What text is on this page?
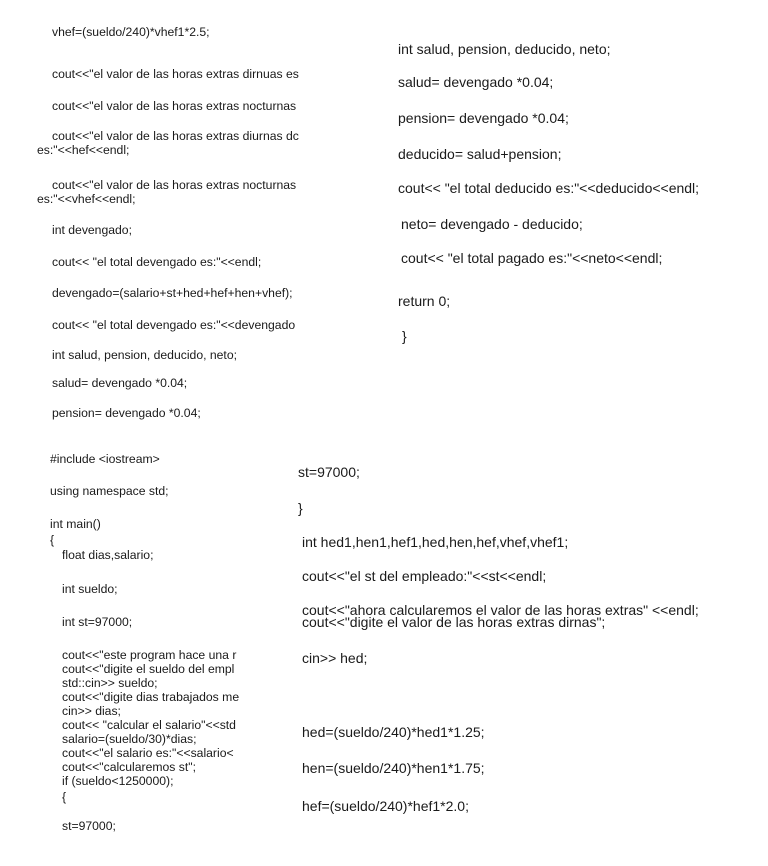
vhef=(sueldo/240)*vhef1*2.5;
cout<<"el valor de las horas extras dirnuas es
cout<<"el valor de las horas extras nocturnas
cout<<"el valor de las horas extras diurnas dc
es:"<<hef<<endl;
cout<<"el valor de las horas extras nocturnas
es:"<<vhef<<endl;
int devengado;
cout<< "el total devengado es:"<<endl;
devengado=(salario+st+hed+hef+hen+vhef);
cout<< "el total devengado es:"<<devengado
int salud, pension, deducido, neto;
salud= devengado *0.04;
pension= devengado *0.04;
int salud, pension, deducido, neto;
salud= devengado *0.04;
pension= devengado *0.04;
deducido= salud+pension;
cout<< "el total deducido es:"<<deducido<<endl;
neto= devengado - deducido;
cout<< "el total pagado es:"<<neto<<endl;
return 0;
}
#include <iostream>
using namespace std;
int main()
{
float dias,salario;
int sueldo;
int st=97000;
cout<<"este program hace una r
cout<<"digite el sueldo del empl
std::cin>> sueldo;
cout<<"digite dias trabajados me
cin>> dias;
cout<< "calcular el salario"<<std
salario=(sueldo/30)*dias;
cout<<"el salario es:"<<salario<
cout<<"calcularemos st";
if (sueldo<1250000);
{
st=97000;
st=97000;
}
int hed1,hen1,hef1,hed,hen,hef,vhef,vhef1;
cout<<"el st del empleado:"<<st<<endl;
cout<<"ahora calcularemos el valor de las horas extras" <<endl;
cout<<"digite el valor de las horas extras dirnas";
cin>> hed;
hed=(sueldo/240)*hed1*1.25;
hen=(sueldo/240)*hen1*1.75;
hef=(sueldo/240)*hef1*2.0;
